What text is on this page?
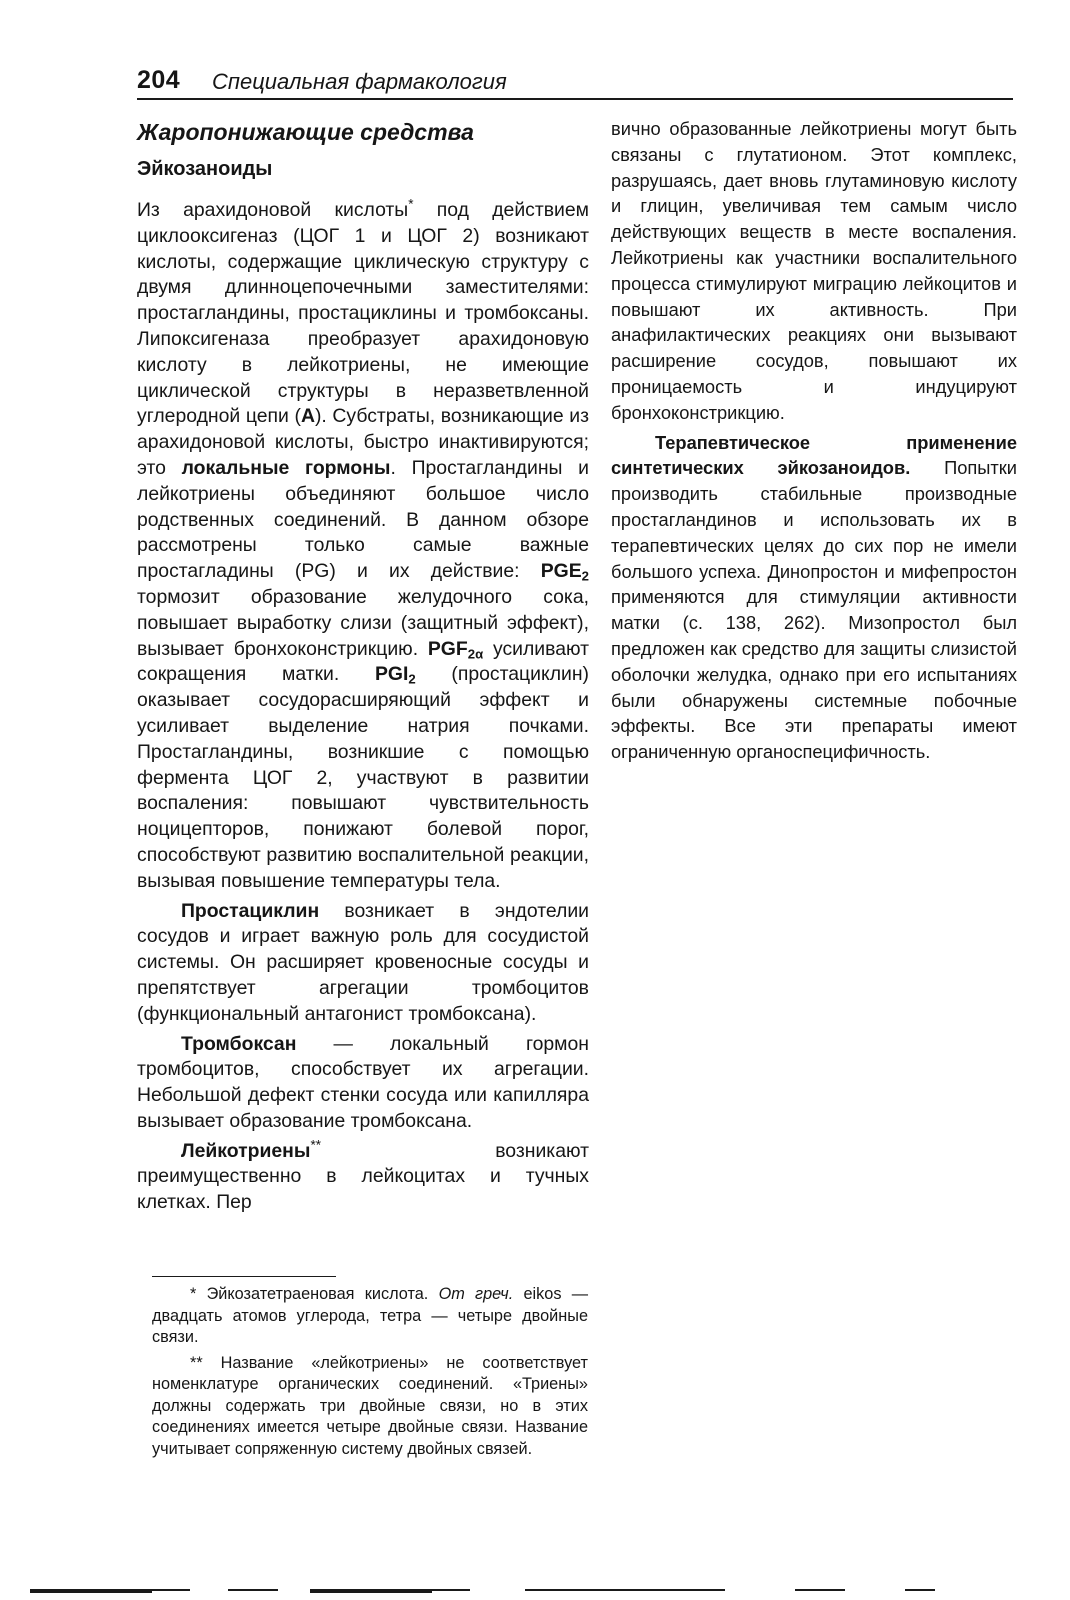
204 Специальная фармакология
Жаропонижающие средства
Эйкозаноиды

Из арахидоновой кислоты* под действием циклооксигеназ (ЦОГ 1 и ЦОГ 2) возникают кислоты, содержащие циклическую структуру с двумя длинноцепочечными заместителями: простагландины, простациклины и тромбоксаны. Липоксигеназа преобразует арахидоновую кислоту в лейкотриены, не имеющие циклической структуры в неразветвленной углеродной цепи (A). Субстраты, возникающие из арахидоновой кислоты, быстро инактивируются; это локальные гормоны. Простагландины и лейкотриены объединяют большое число родственных соединений. В данном обзоре рассмотрены только самые важные простагладины (PG) и их действие: $PGE_2$ тормозит образование желудочного сока, повышает выработку слизи (защитный эффект), вызывает бронхоконстрикцию. $PGF_{2\alpha}$ усиливают сокращения матки. $PGI_2$ (простациклин) оказывает сосудорасширяющий эффект и усиливает выделение натрия почками. Простагландины, возникшие с помощью фермента ЦОГ 2, участвуют в развитии воспаления: повышают чувствительность ноцицепторов, понижают болевой порог, способствуют развитию воспалительной реакции, вызывая повышение температуры тела.

Простациклин возникает в эндотелии сосудов и играет важную роль для сосудистой системы. Он расширяет кровеносные сосуды и препятствует агрегации тромбоцитов (функциональный антагонист тромбоксана).

Тромбоксан — локальный гормон тромбоцитов, способствует их агрегации. Небольшой дефект стенки сосуда или капилляра вызывает образование тромбоксана.

Лейкотриены** возникают преимущественно в лейкоцитах и тучных клетках. Пер

вично образованные лейкотриены могут быть связаны с глутатионом. Этот комплекс, разрушаясь, дает вновь глутаминовую кислоту и глицин, увеличивая тем самым число действующих веществ в месте воспаления. Лейкотриены как участники воспалительного процесса стимулируют миграцию лейкоцитов и повышают их активность. При анафилактических реакциях они вызывают расширение сосудов, повышают их проницаемость и индуцируют бронхоконстрикцию.

Терапевтическое применение синтетических эйкозаноидов. Попытки производить стабильные производные простагландинов и использовать их в терапевтических целях до сих пор не имели большого успеха. Динопростон и мифепростон применяются для стимуляции активности матки (с. 138, 262). Мизопростол был предложен как средство для защиты слизистой оболочки желудка, однако при его испытаниях были обнаружены системные побочные эффекты. Все эти препараты имеют ограниченную органоспецифичность.

* Эйкозатетраеновая кислота. От греч. eikos — двадцать атомов углерода, тетра — четыре двойные связи.

** Название «лейкотриены» не соответствует номенклатуре органических соединений. «Триены» должны содержать три двойные связи, но в этих соединениях имеется четыре двойные связи. Название учитывает сопряженную систему двойных связей.
